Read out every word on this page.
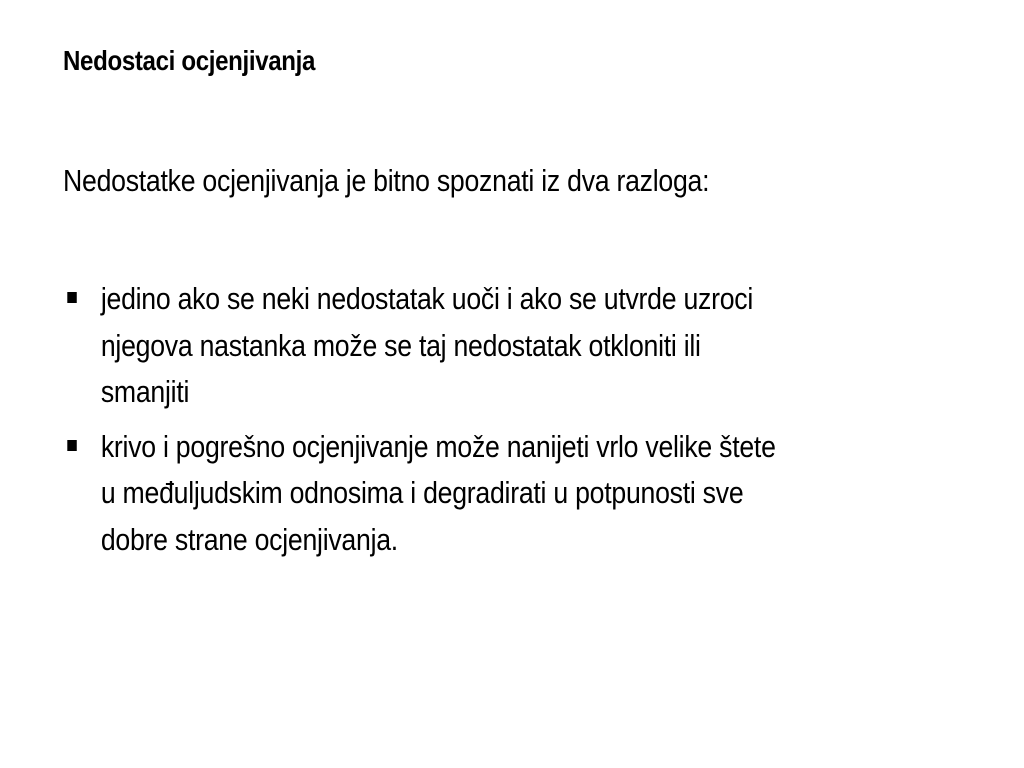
Nedostaci ocjenjivanja

Nedostatke ocjenjivanja je bitno spoznati iz dva razloga:

jedino ako se neki nedostatak uoči i ako se utvrde uzroci
njegova nastanka može se taj nedostatak otkloniti ili
smanjiti
krivo i pogrešno ocjenjivanje može nanijeti vrlo velike štete
u međuljudskim odnosima i degradirati u potpunosti sve
dobre strane ocjenjivanja.
